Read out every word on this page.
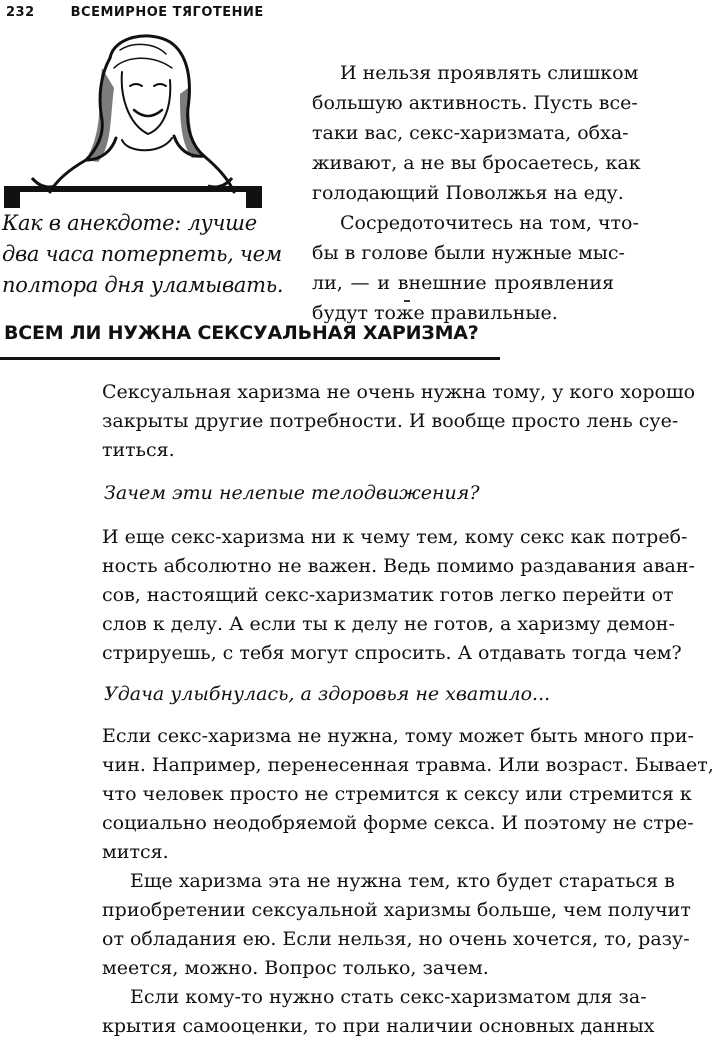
232	ВСЕМИРНОЕ ТЯГОТЕНИЕ
Как в анекдоте: лучше
два часа потерпеть, чем
полтора дня уламывать.
И нельзя проявлять слишком
большую активность. Пусть все-
таки вас, секс-харизмата, обха-
живают, а не вы бросаетесь, как
голодающий Поволжья на еду.
Сосредоточитесь на том, что-
бы в голове были нужные мыс-
ли, — и внешние проявления
будут тоже правильные.
ВСЕМ ЛИ НУЖНА СЕКСУАЛЬНАЯ ХАРИЗМА?
Сексуальная харизма не очень нужна тому, у кого хорошо
закрыты другие потребности. И вообще просто лень суе-
титься.
Зачем эти нелепые телодвижения?
И еще секс-харизма ни к чему тем, кому секс как потреб-
ность абсолютно не важен. Ведь помимо раздавания аван-
сов, настоящий секс-харизматик готов легко перейти от
слов к делу. А если ты к делу не готов, а харизму демон-
стрируешь, с тебя могут спросить. А отдавать тогда чем?
Удача улыбнулась, а здоровья не хватило...
Если секс-харизма не нужна, тому может быть много при-
чин. Например, перенесенная травма. Или возраст. Бывает,
что человек просто не стремится к сексу или стремится к
социально неодобряемой форме секса. И поэтому не стре-
мится.
Еще харизма эта не нужна тем, кто будет стараться в
приобретении сексуальной харизмы больше, чем получит
от обладания ею. Если нельзя, но очень хочется, то, разу-
меется, можно. Вопрос только, зачем.
Если кому-то нужно стать секс-харизматом для за-
крытия самооценки, то при наличии основных данных
